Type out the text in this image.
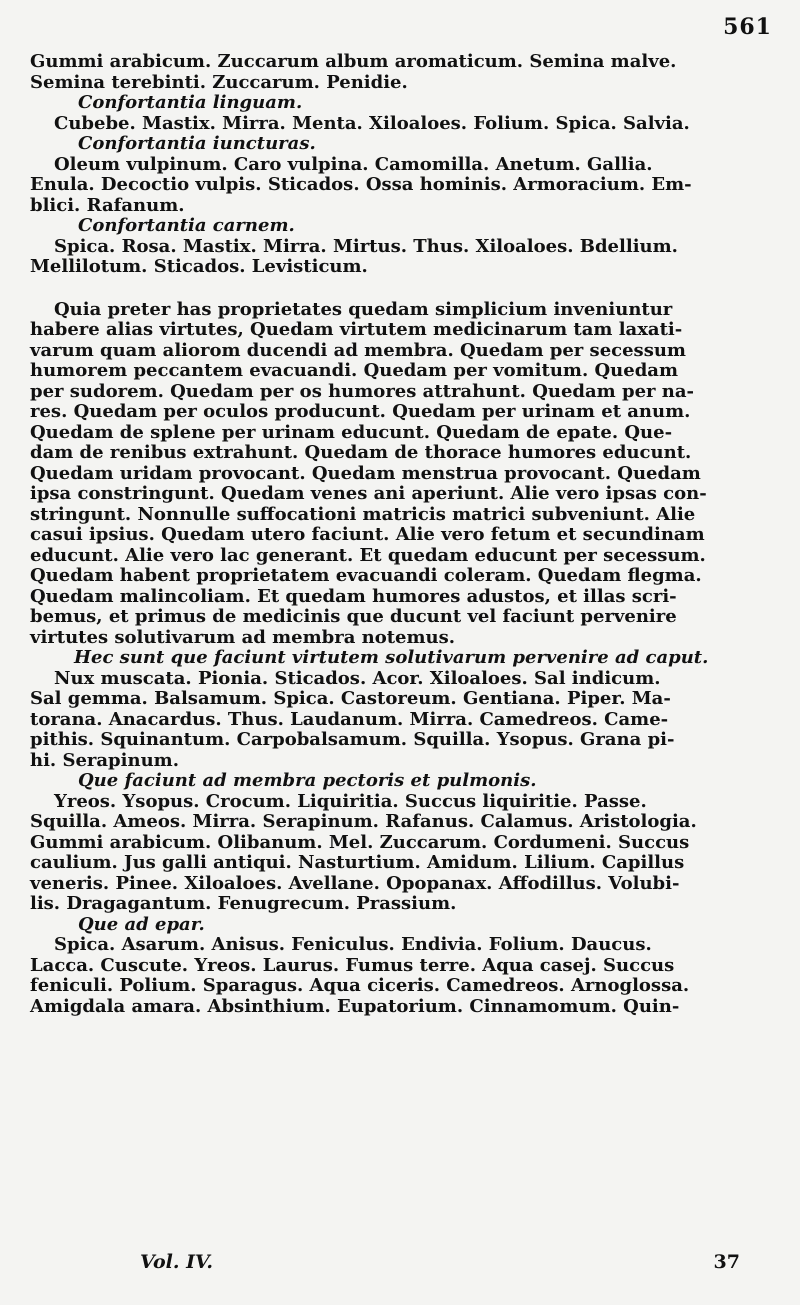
561
Gummi arabicum. Zuccarum album aromaticum. Semina malve.
Semina terebinti. Zuccarum. Penidie.
Confortantia linguam.
Cubebe. Mastix. Mirra. Menta. Xiloaloes. Folium. Spica. Salvia.
Confortantia iuncturas.
Oleum vulpinum. Caro vulpina. Camomilla. Anetum. Gallia.
Enula. Decoctio vulpis. Sticados. Ossa hominis. Armoracium. Em-
blici. Rafanum.
Confortantia carnem.
Spica. Rosa. Mastix. Mirra. Mirtus. Thus. Xiloaloes. Bdellium.
Mellilotum. Sticados. Levisticum.
Quia preter has proprietates quedam simplicium inveniuntur
habere alias virtutes, Quedam virtutem medicinarum tam laxati-
varum quam aliorom ducendi ad membra. Quedam per secessum
humorem peccantem evacuandi. Quedam per vomitum. Quedam
per sudorem. Quedam per os humores attrahunt. Quedam per na-
res. Quedam per oculos producunt. Quedam per urinam et anum.
Quedam de splene per urinam educunt. Quedam de epate. Que-
dam de renibus extrahunt. Quedam de thorace humores educunt.
Quedam uridam provocant. Quedam menstrua provocant. Quedam
ipsa constringunt. Quedam venes ani aperiunt. Alie vero ipsas con-
stringunt. Nonnulle suffocationi matricis matrici subveniunt. Alie
casui ipsius. Quedam utero faciunt. Alie vero fetum et secundinam
educunt. Alie vero lac generant. Et quedam educunt per secessum.
Quedam habent proprietatem evacuandi coleram. Quedam flegma.
Quedam malincoliam. Et quedam humores adustos, et illas scri-
bemus, et primus de medicinis que ducunt vel faciunt pervenire
virtutes solutivarum ad membra notemus.
Hec sunt que faciunt virtutem solutivarum pervenire ad caput.
Nux muscata. Pionia. Sticados. Acor. Xiloaloes. Sal indicum.
Sal gemma. Balsamum. Spica. Castoreum. Gentiana. Piper. Ma-
torana. Anacardus. Thus. Laudanum. Mirra. Camedreos. Came-
pithis. Squinantum. Carpobalsamum. Squilla. Ysopus. Grana pi-
hi. Serapinum.
Que faciunt ad membra pectoris et pulmonis.
Yreos. Ysopus. Crocum. Liquiritia. Succus liquiritie. Passe.
Squilla. Ameos. Mirra. Serapinum. Rafanus. Calamus. Aristologia.
Gummi arabicum. Olibanum. Mel. Zuccarum. Cordumeni. Succus
caulium. Jus galli antiqui. Nasturtium. Amidum. Lilium. Capillus
veneris. Pinee. Xiloaloes. Avellane. Opopanax. Affodillus. Volubi-
lis. Dragagantum. Fenugrecum. Prassium.
Que ad epar.
Spica. Asarum. Anisus. Feniculus. Endivia. Folium. Daucus.
Lacca. Cuscute. Yreos. Laurus. Fumus terre. Aqua casej. Succus
feniculi. Polium. Sparagus. Aqua ciceris. Camedreos. Arnoglossa.
Amigdala amara. Absinthium. Eupatorium. Cinnamomum. Quin-
Vol. IV.	37
